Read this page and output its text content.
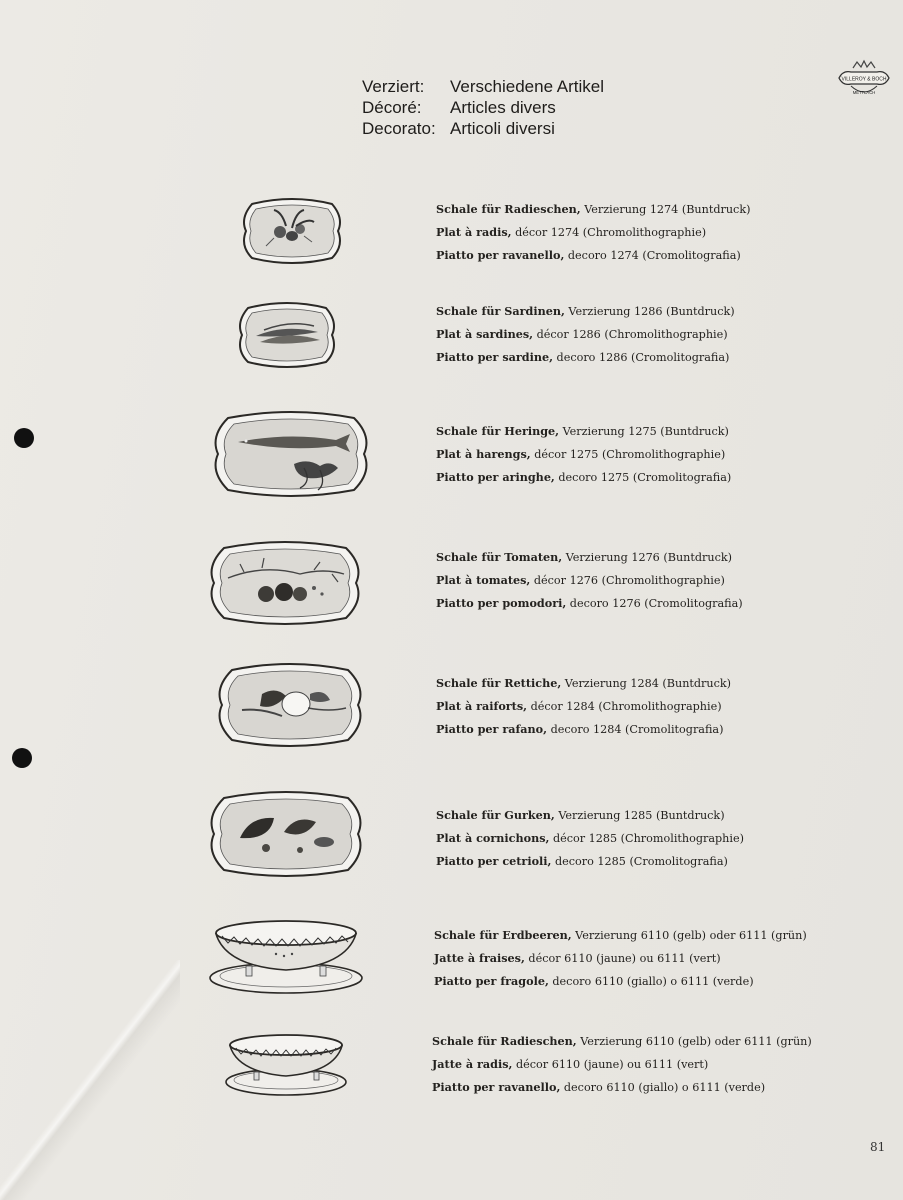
Verziert:	Verschiedene Artikel
Décoré:	Articles divers
Decorato: Articoli diversi
VILLEROY & BOCH
METTLACH
Schale für Radieschen, Verzierung 1274 (Buntdruck)
Plat à radis, décor 1274 (Chromolithographie)
Piatto per ravanello, decoro 1274 (Cromolitografia)
Schale für Sardinen, Verzierung 1286 (Buntdruck)
Plat à sardines, décor 1286 (Chromolithographie)
Piatto per sardine, decoro 1286 (Cromolitografia)
Schale für Heringe, Verzierung 1275 (Buntdruck)
Plat à harengs, décor 1275 (Chromolithographie)
Piatto per aringhe, decoro 1275 (Cromolitografia)
Schale für Tomaten, Verzierung 1276 (Buntdruck)
Plat à tomates, décor 1276 (Chromolithographie)
Piatto per pomodori, decoro 1276 (Cromolitografia)
Schale für Rettiche, Verzierung 1284 (Buntdruck)
Plat à raiforts, décor 1284 (Chromolithographie)
Piatto per rafano, decoro 1284 (Cromolitografia)
Schale für Gurken, Verzierung 1285 (Buntdruck)
Plat à cornichons, décor 1285 (Chromolithographie)
Piatto per cetrioli, decoro 1285 (Cromolitografia)
Schale für Erdbeeren, Verzierung 6110 (gelb) oder 6111 (grün)
Jatte à fraises, décor 6110 (jaune) ou 6111 (vert)
Piatto per fragole, decoro 6110 (giallo) o 6111 (verde)
Schale für Radieschen, Verzierung 6110 (gelb) oder 6111 (grün)
Jatte à radis, décor 6110 (jaune) ou 6111 (vert)
Piatto per ravanello, decoro 6110 (giallo) o 6111 (verde)
81
